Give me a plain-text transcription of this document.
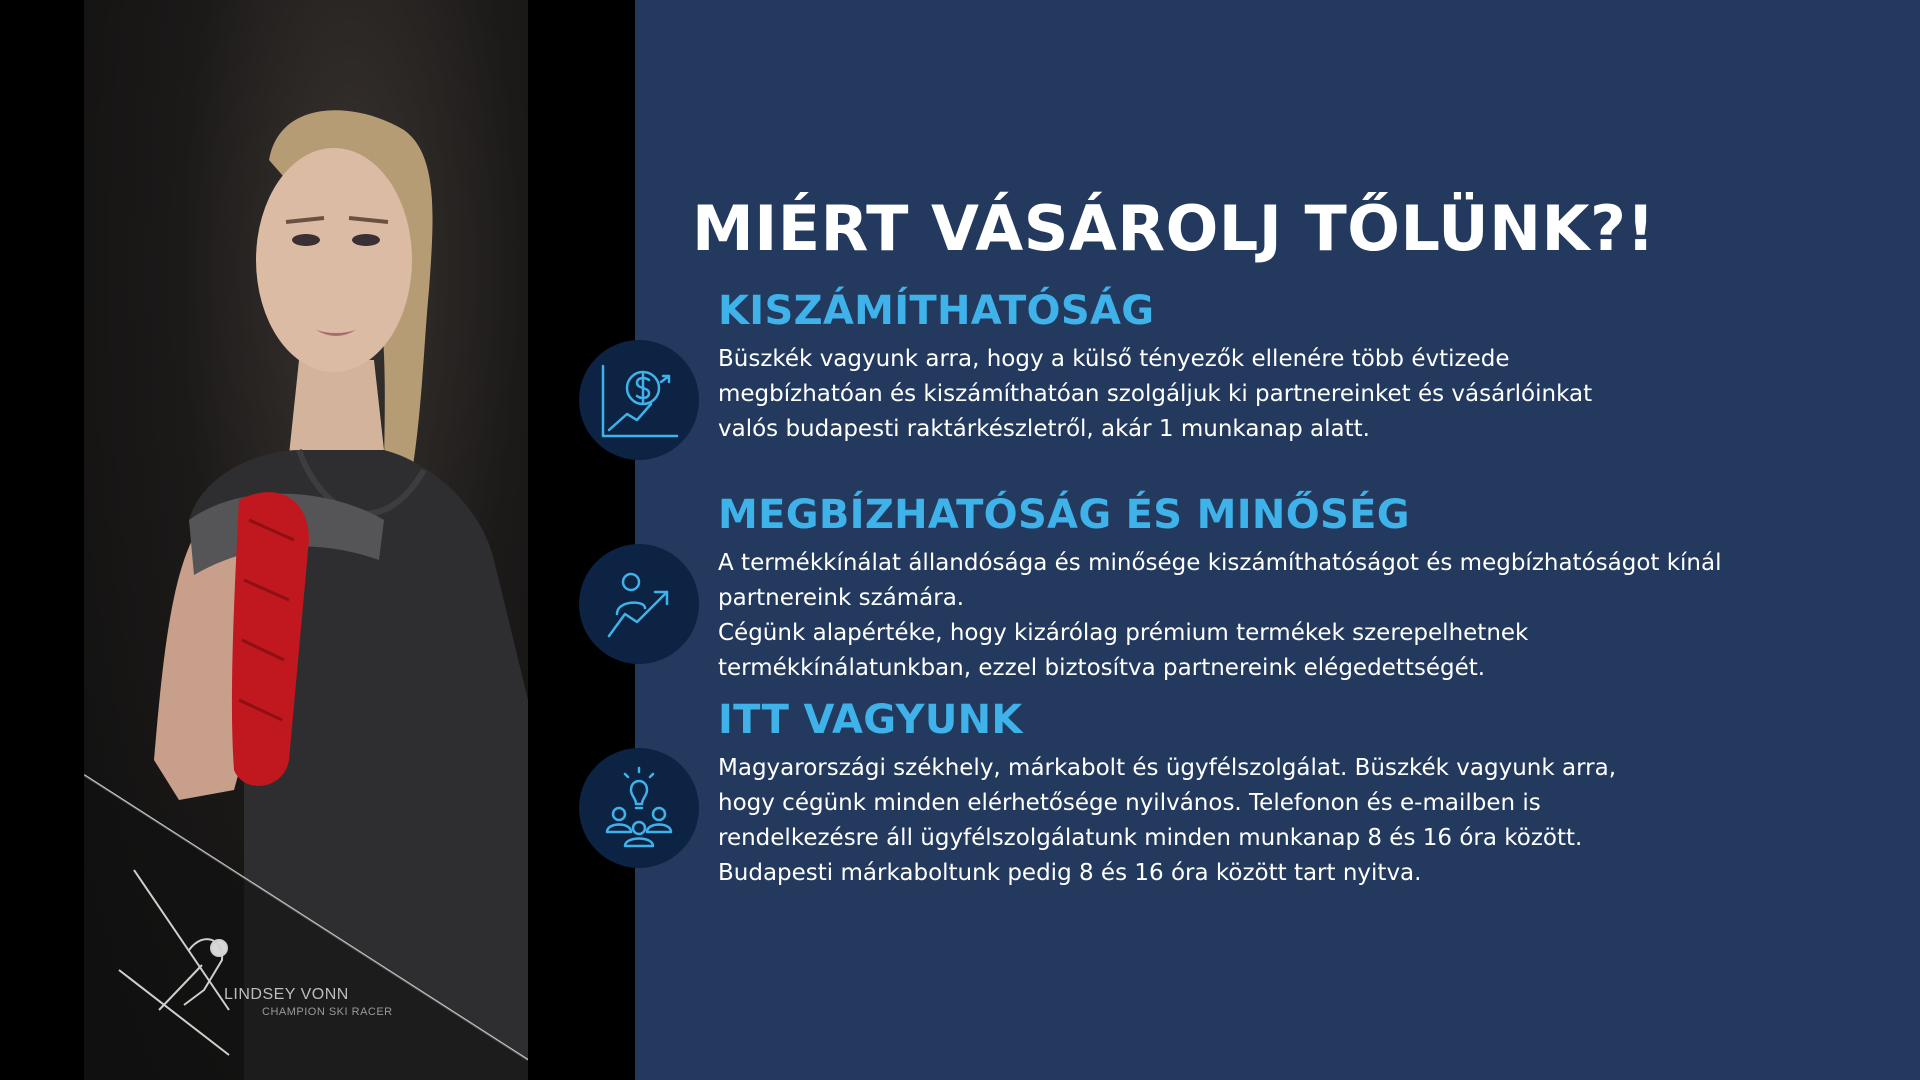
LINDSEY VONN
CHAMPION SKI RACER
MIÉRT VÁSÁROLJ TŐLÜNK?!
KISZÁMÍTHATÓSÁG

Büszkék vagyunk arra, hogy a külső tényezők ellenére több évtizede
megbízhatóan és kiszámíthatóan szolgáljuk ki partnereinket és vásárlóinkat
valós budapesti raktárkészletről, akár 1 munkanap alatt.

MEGBÍZHATÓSÁG ÉS MINŐSÉG

A termékkínálat állandósága és minősége kiszámíthatóságot és megbízhatóságot kínál
partnereink számára.
Cégünk alapértéke, hogy kizárólag prémium termékek szerepelhetnek
termékkínálatunkban, ezzel biztosítva partnereink elégedettségét.

ITT VAGYUNK

Magyarországi székhely, márkabolt és ügyfélszolgálat. Büszkék vagyunk arra,
hogy cégünk minden elérhetősége nyilvános. Telefonon és e-mailben is
rendelkezésre áll ügyfélszolgálatunk minden munkanap 8 és 16 óra között.
Budapesti márkaboltunk pedig 8 és 16 óra között tart nyitva.
